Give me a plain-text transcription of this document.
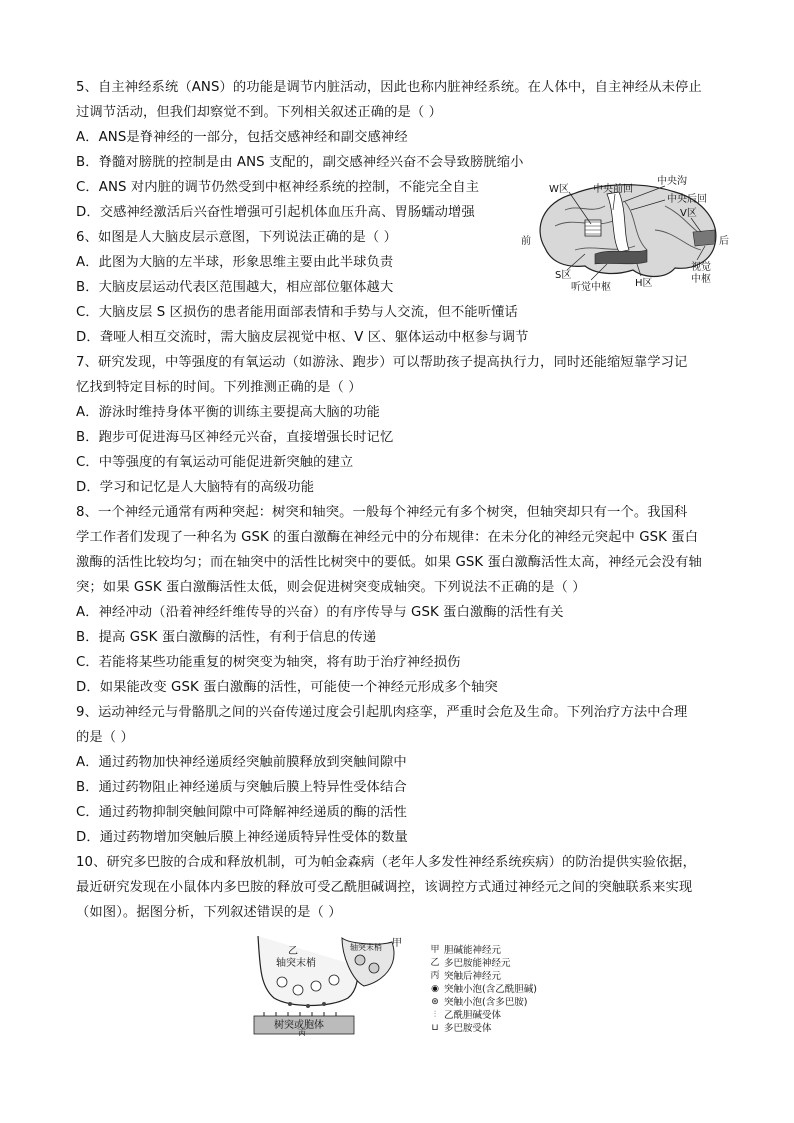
5、自主神经系统（ANS）的功能是调节内脏活动，因此也称内脏神经系统。在人体中，自主神经从未停止
过调节活动，但我们却察觉不到。下列相关叙述正确的是（ ）
A．ANS是脊神经的一部分，包括交感神经和副交感神经
B．脊髓对膀胱的控制是由 ANS 支配的，副交感神经兴奋不会导致膀胱缩小
C．ANS 对内脏的调节仍然受到中枢神经系统的控制，不能完全自主
D．交感神经激活后兴奋性增强可引起机体血压升高、胃肠蠕动增强
6、如图是人大脑皮层示意图，下列说法正确的是（ ）
A．此图为大脑的左半球，形象思维主要由此半球负责
B．大脑皮层运动代表区范围越大，相应部位躯体越大
C．大脑皮层 S 区损伤的患者能用面部表情和手势与人交流，但不能听懂话
D．聋哑人相互交流时，需大脑皮层视觉中枢、V 区、躯体运动中枢参与调节
W区 中央前回
中央沟
中央后回
V区
前	后
S区
听觉中枢 H区
视觉
中枢
7、研究发现，中等强度的有氧运动（如游泳、跑步）可以帮助孩子提高执行力，同时还能缩短靠学习记
忆找到特定目标的时间。下列推测正确的是（ ）
A．游泳时维持身体平衡的训练主要提高大脑的功能
B．跑步可促进海马区神经元兴奋，直接增强长时记忆
C．中等强度的有氧运动可能促进新突触的建立
D．学习和记忆是人大脑特有的高级功能
8、一个神经元通常有两种突起：树突和轴突。一般每个神经元有多个树突，但轴突却只有一个。我国科
学工作者们发现了一种名为 GSK 的蛋白激酶在神经元中的分布规律：在未分化的神经元突起中 GSK 蛋白
激酶的活性比较均匀；而在轴突中的活性比树突中的要低。如果 GSK 蛋白激酶活性太高，神经元会没有轴
突；如果 GSK 蛋白激酶活性太低，则会促进树突变成轴突。下列说法不正确的是（ ）
A．神经冲动（沿着神经纤维传导的兴奋）的有序传导与 GSK 蛋白激酶的活性有关
B．提高 GSK 蛋白激酶的活性，有利于信息的传递
C．若能将某些功能重复的树突变为轴突，将有助于治疗神经损伤
D．如果能改变 GSK 蛋白激酶的活性，可能使一个神经元形成多个轴突
9、运动神经元与骨骼肌之间的兴奋传递过度会引起肌肉痉挛，严重时会危及生命。下列治疗方法中合理
的是（ ）
A．通过药物加快神经递质经突触前膜释放到突触间隙中
B．通过药物阻止神经递质与突触后膜上特异性受体结合
C．通过药物抑制突触间隙中可降解神经递质的酶的活性
D．通过药物增加突触后膜上神经递质特异性受体的数量
10、研究多巴胺的合成和释放机制，可为帕金森病（老年人多发性神经系统疾病）的防治提供实验依据，
最近研究发现在小鼠体内多巴胺的释放可受乙酰胆碱调控，该调控方式通过神经元之间的突触联系来实现
（如图）。据图分析，下列叙述错误的是（ ）
乙
轴突末梢
甲
轴突末梢
树突或胞体
丙
甲 胆碱能神经元
乙 多巴胺能神经元
丙 突触后神经元
◉ 突触小泡(含乙酰胆碱)
⊛ 突触小泡(含多巴胺)
⫶ 乙酰胆碱受体
⊔ 多巴胺受体
